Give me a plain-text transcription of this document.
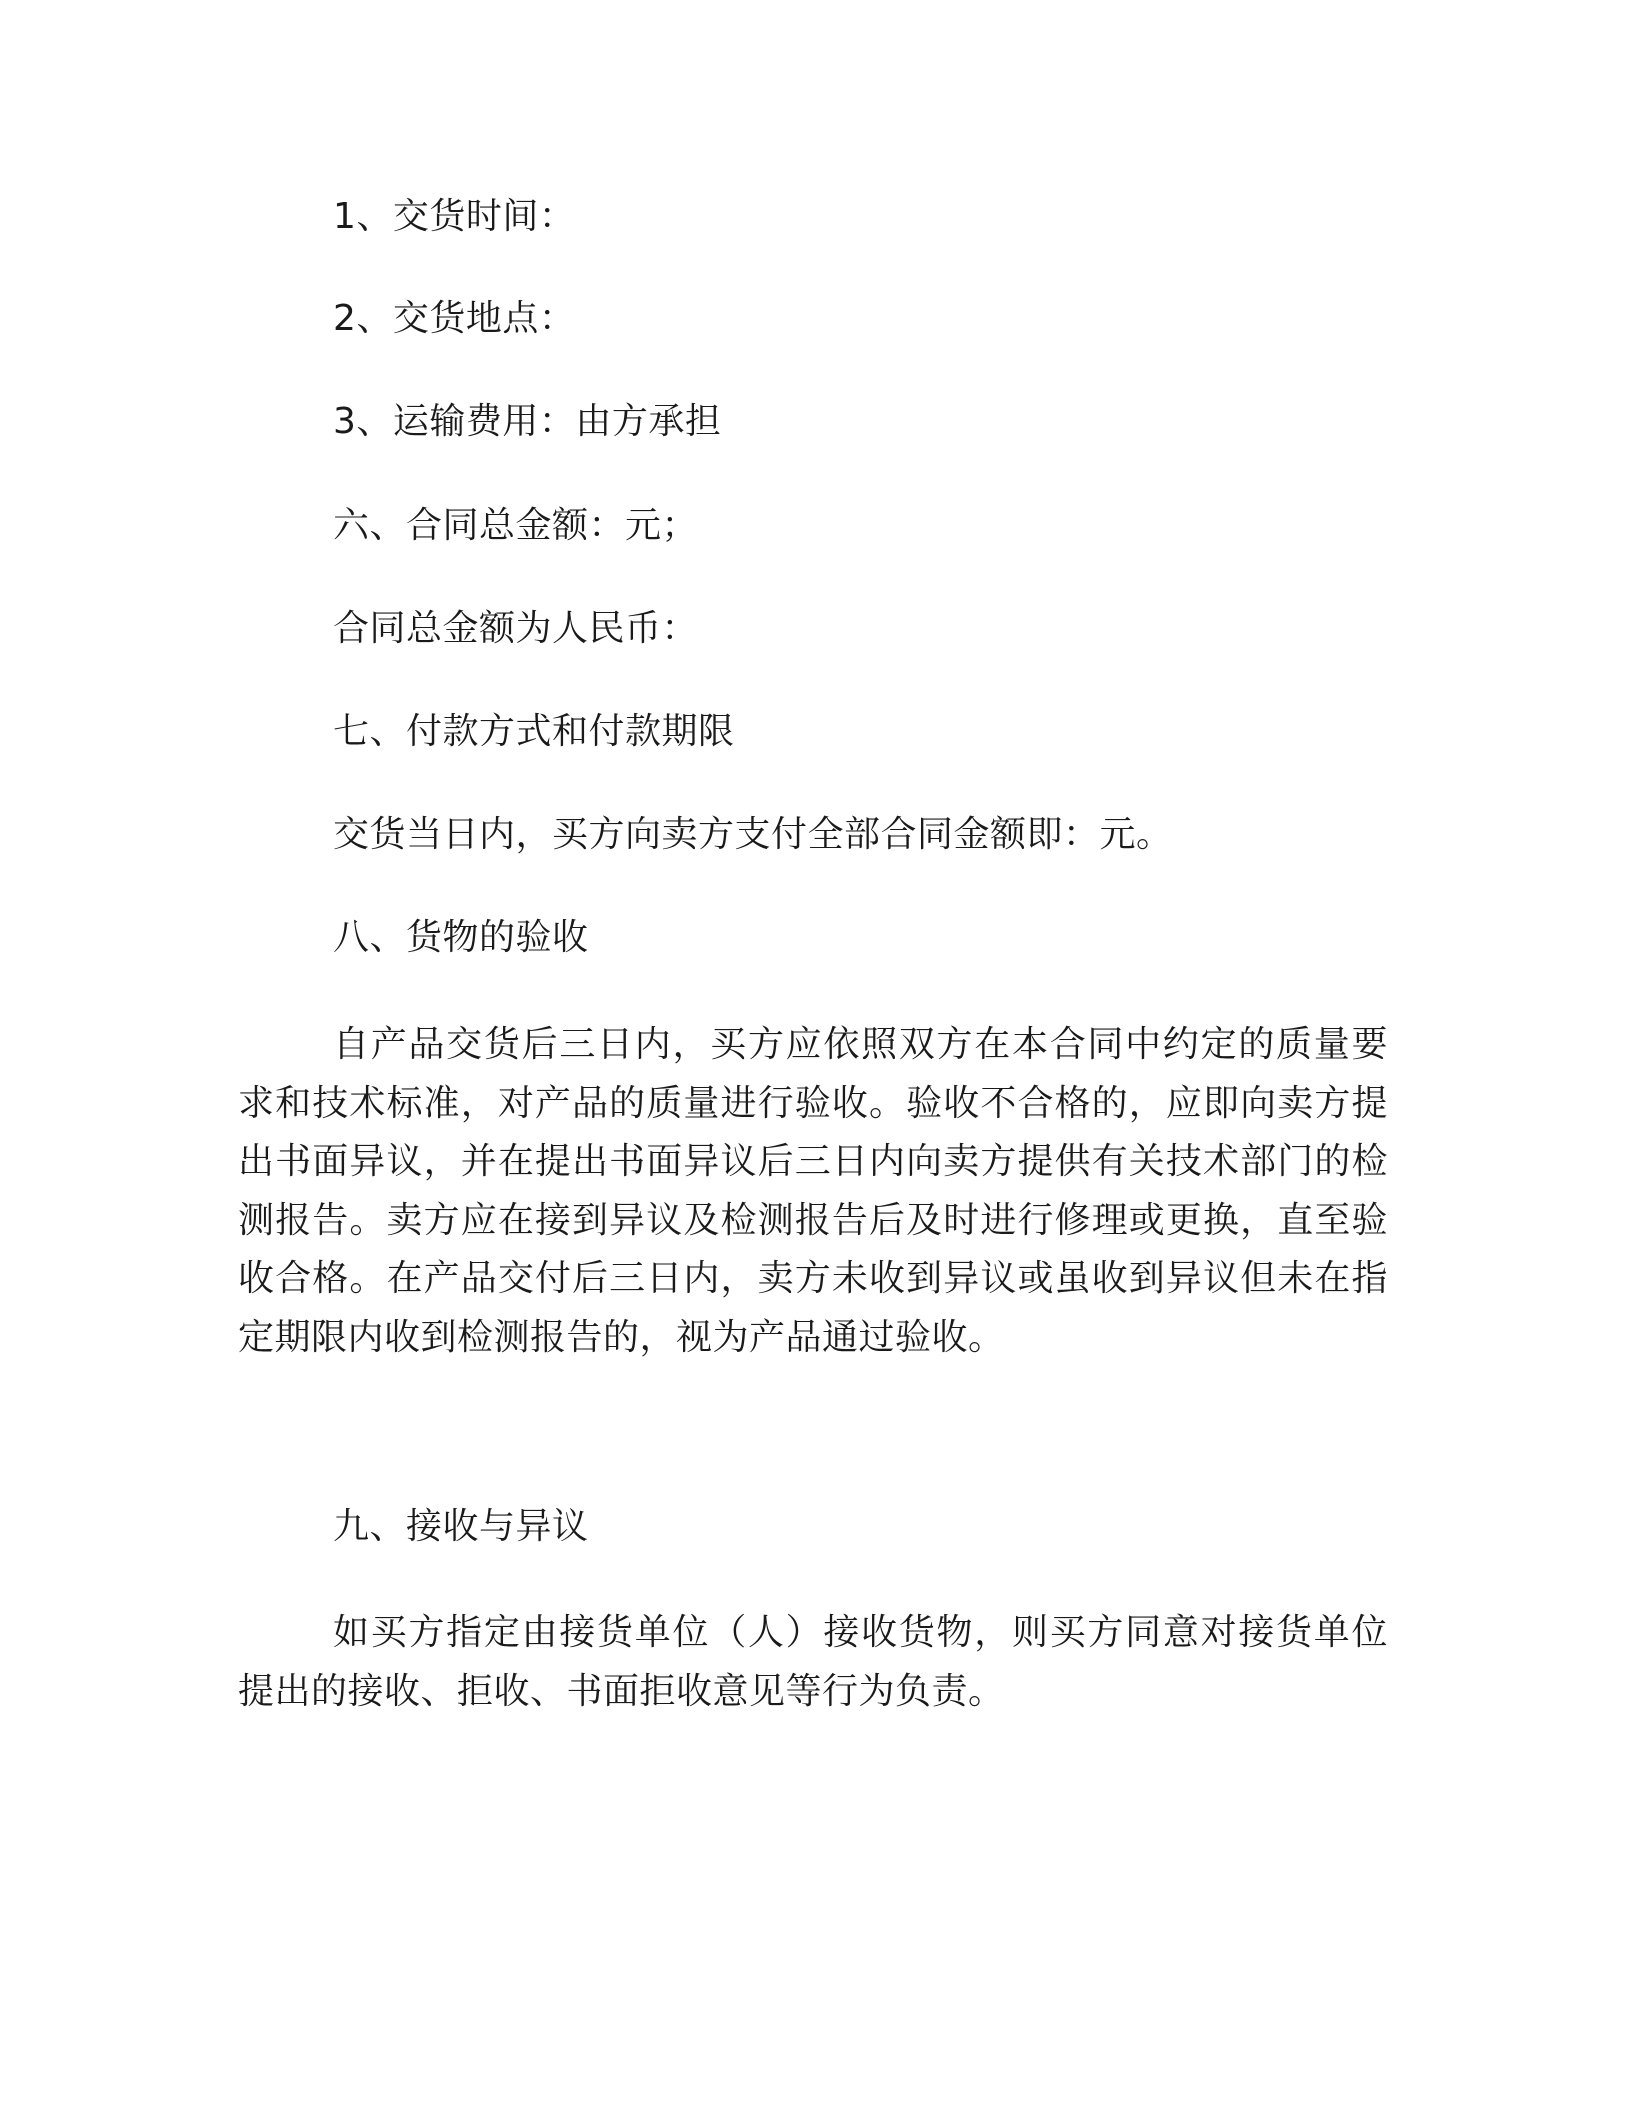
1、交货时间：
2、交货地点：
3、运输费用：由方承担
六、合同总金额：元；
合同总金额为人民币：
七、付款方式和付款期限
交货当日内，买方向卖方支付全部合同金额即：元。
八、货物的验收
自产品交货后三日内，买方应依照双方在本合同中约定的质量要求和技术标准，对产品的质量进行验收。验收不合格的，应即向卖方提出书面异议，并在提出书面异议后三日内向卖方提供有关技术部门的检测报告。卖方应在接到异议及检测报告后及时进行修理或更换，直至验收合格。在产品交付后三日内，卖方未收到异议或虽收到异议但未在指定期限内收到检测报告的，视为产品通过验收。
九、接收与异议
如买方指定由接货单位（人）接收货物，则买方同意对接货单位提出的接收、拒收、书面拒收意见等行为负责。
